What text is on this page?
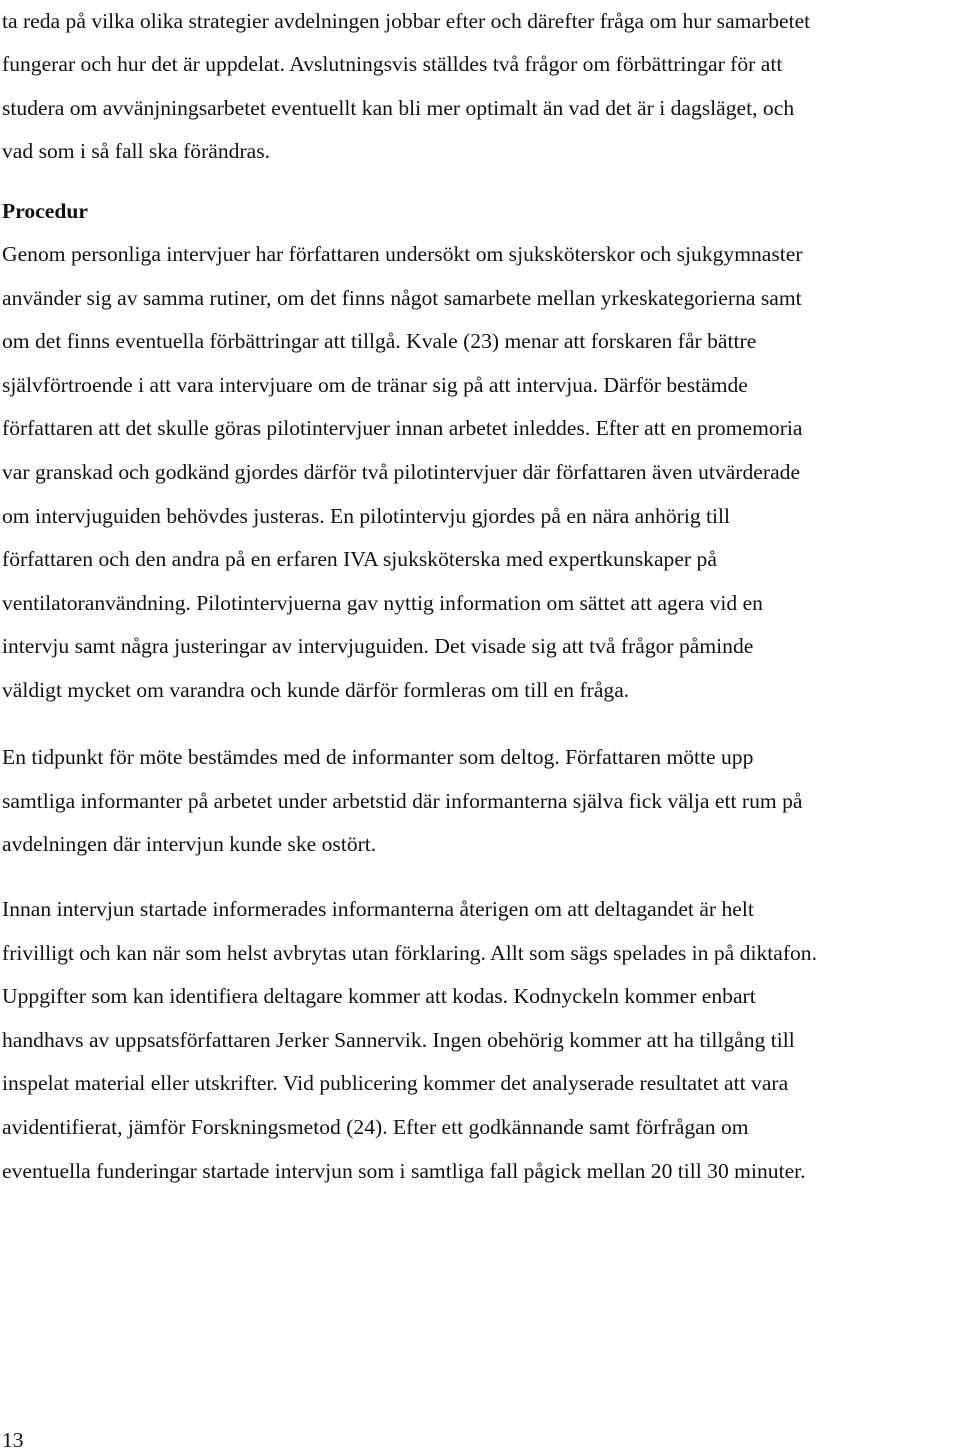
ta reda på vilka olika strategier avdelningen jobbar efter och därefter fråga om hur samarbetet
fungerar och hur det är uppdelat. Avslutningsvis ställdes två frågor om förbättringar för att
studera om avvänjningsarbetet eventuellt kan bli mer optimalt än vad det är i dagsläget, och
vad som i så fall ska förändras.
Procedur
Genom personliga intervjuer har författaren undersökt om sjuksköterskor och sjukgymnaster
använder sig av samma rutiner, om det finns något samarbete mellan yrkeskategorierna samt
om det finns eventuella förbättringar att tillgå. Kvale (23) menar att forskaren får bättre
självförtroende i att vara intervjuare om de tränar sig på att intervjua. Därför bestämde
författaren att det skulle göras pilotintervjuer innan arbetet inleddes. Efter att en promemoria
var granskad och godkänd gjordes därför två pilotintervjuer där författaren även utvärderade
om intervjuguiden behövdes justeras. En pilotintervju gjordes på en nära anhörig till
författaren och den andra på en erfaren IVA sjuksköterska med expertkunskaper på
ventilatoranvändning. Pilotintervjuerna gav nyttig information om sättet att agera vid en
intervju samt några justeringar av intervjuguiden. Det visade sig att två frågor påminde
väldigt mycket om varandra och kunde därför formleras om till en fråga.
En tidpunkt för möte bestämdes med de informanter som deltog. Författaren mötte upp
samtliga informanter på arbetet under arbetstid där informanterna själva fick välja ett rum på
avdelningen där intervjun kunde ske ostört.
Innan intervjun startade informerades informanterna återigen om att deltagandet är helt
frivilligt och kan när som helst avbrytas utan förklaring. Allt som sägs spelades in på diktafon.
Uppgifter som kan identifiera deltagare kommer att kodas. Kodnyckeln kommer enbart
handhavs av uppsatsförfattaren Jerker Sannervik. Ingen obehörig kommer att ha tillgång till
inspelat material eller utskrifter. Vid publicering kommer det analyserade resultatet att vara
avidentifierat, jämför Forskningsmetod (24). Efter ett godkännande samt förfrågan om
eventuella funderingar startade intervjun som i samtliga fall pågick mellan 20 till 30 minuter.
13
